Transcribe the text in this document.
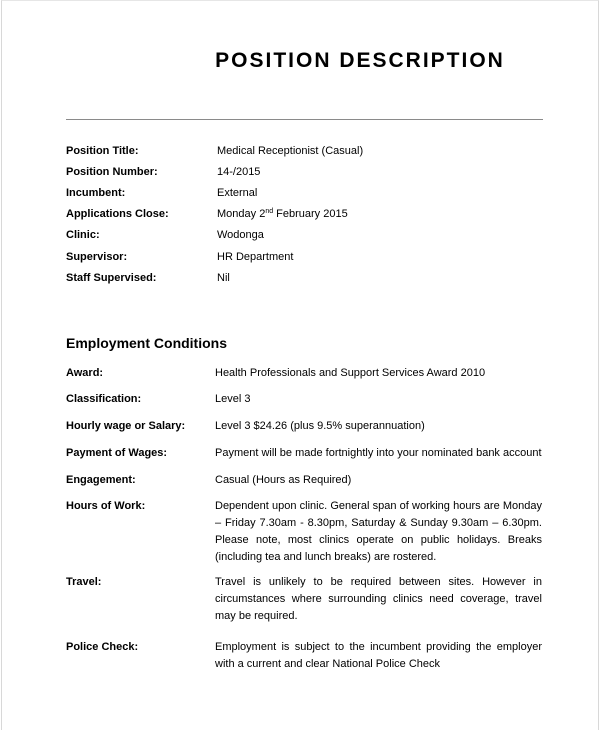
POSITION DESCRIPTION
Position Title:	Medical Receptionist (Casual)
Position Number:	14-/2015
Incumbent:	External
Applications Close:	Monday 2nd February 2015
Clinic:	Wodonga
Supervisor:	HR Department
Staff Supervised:	Nil
Employment Conditions
Award:	Health Professionals and Support Services Award 2010
Classification:	Level 3
Hourly wage or Salary:	Level 3 $24.26 (plus 9.5% superannuation)
Payment of Wages:	Payment will be made fortnightly into your nominated bank account
Engagement:	Casual (Hours as Required)
Hours of Work:	Dependent upon clinic. General span of working hours are Monday – Friday 7.30am - 8.30pm, Saturday & Sunday 9.30am – 6.30pm. Please note, most clinics operate on public holidays. Breaks (including tea and lunch breaks) are rostered.
Travel:	Travel is unlikely to be required between sites. However in circumstances where surrounding clinics need coverage, travel may be required.
Police Check:	Employment is subject to the incumbent providing the employer with a current and clear National Police Check
